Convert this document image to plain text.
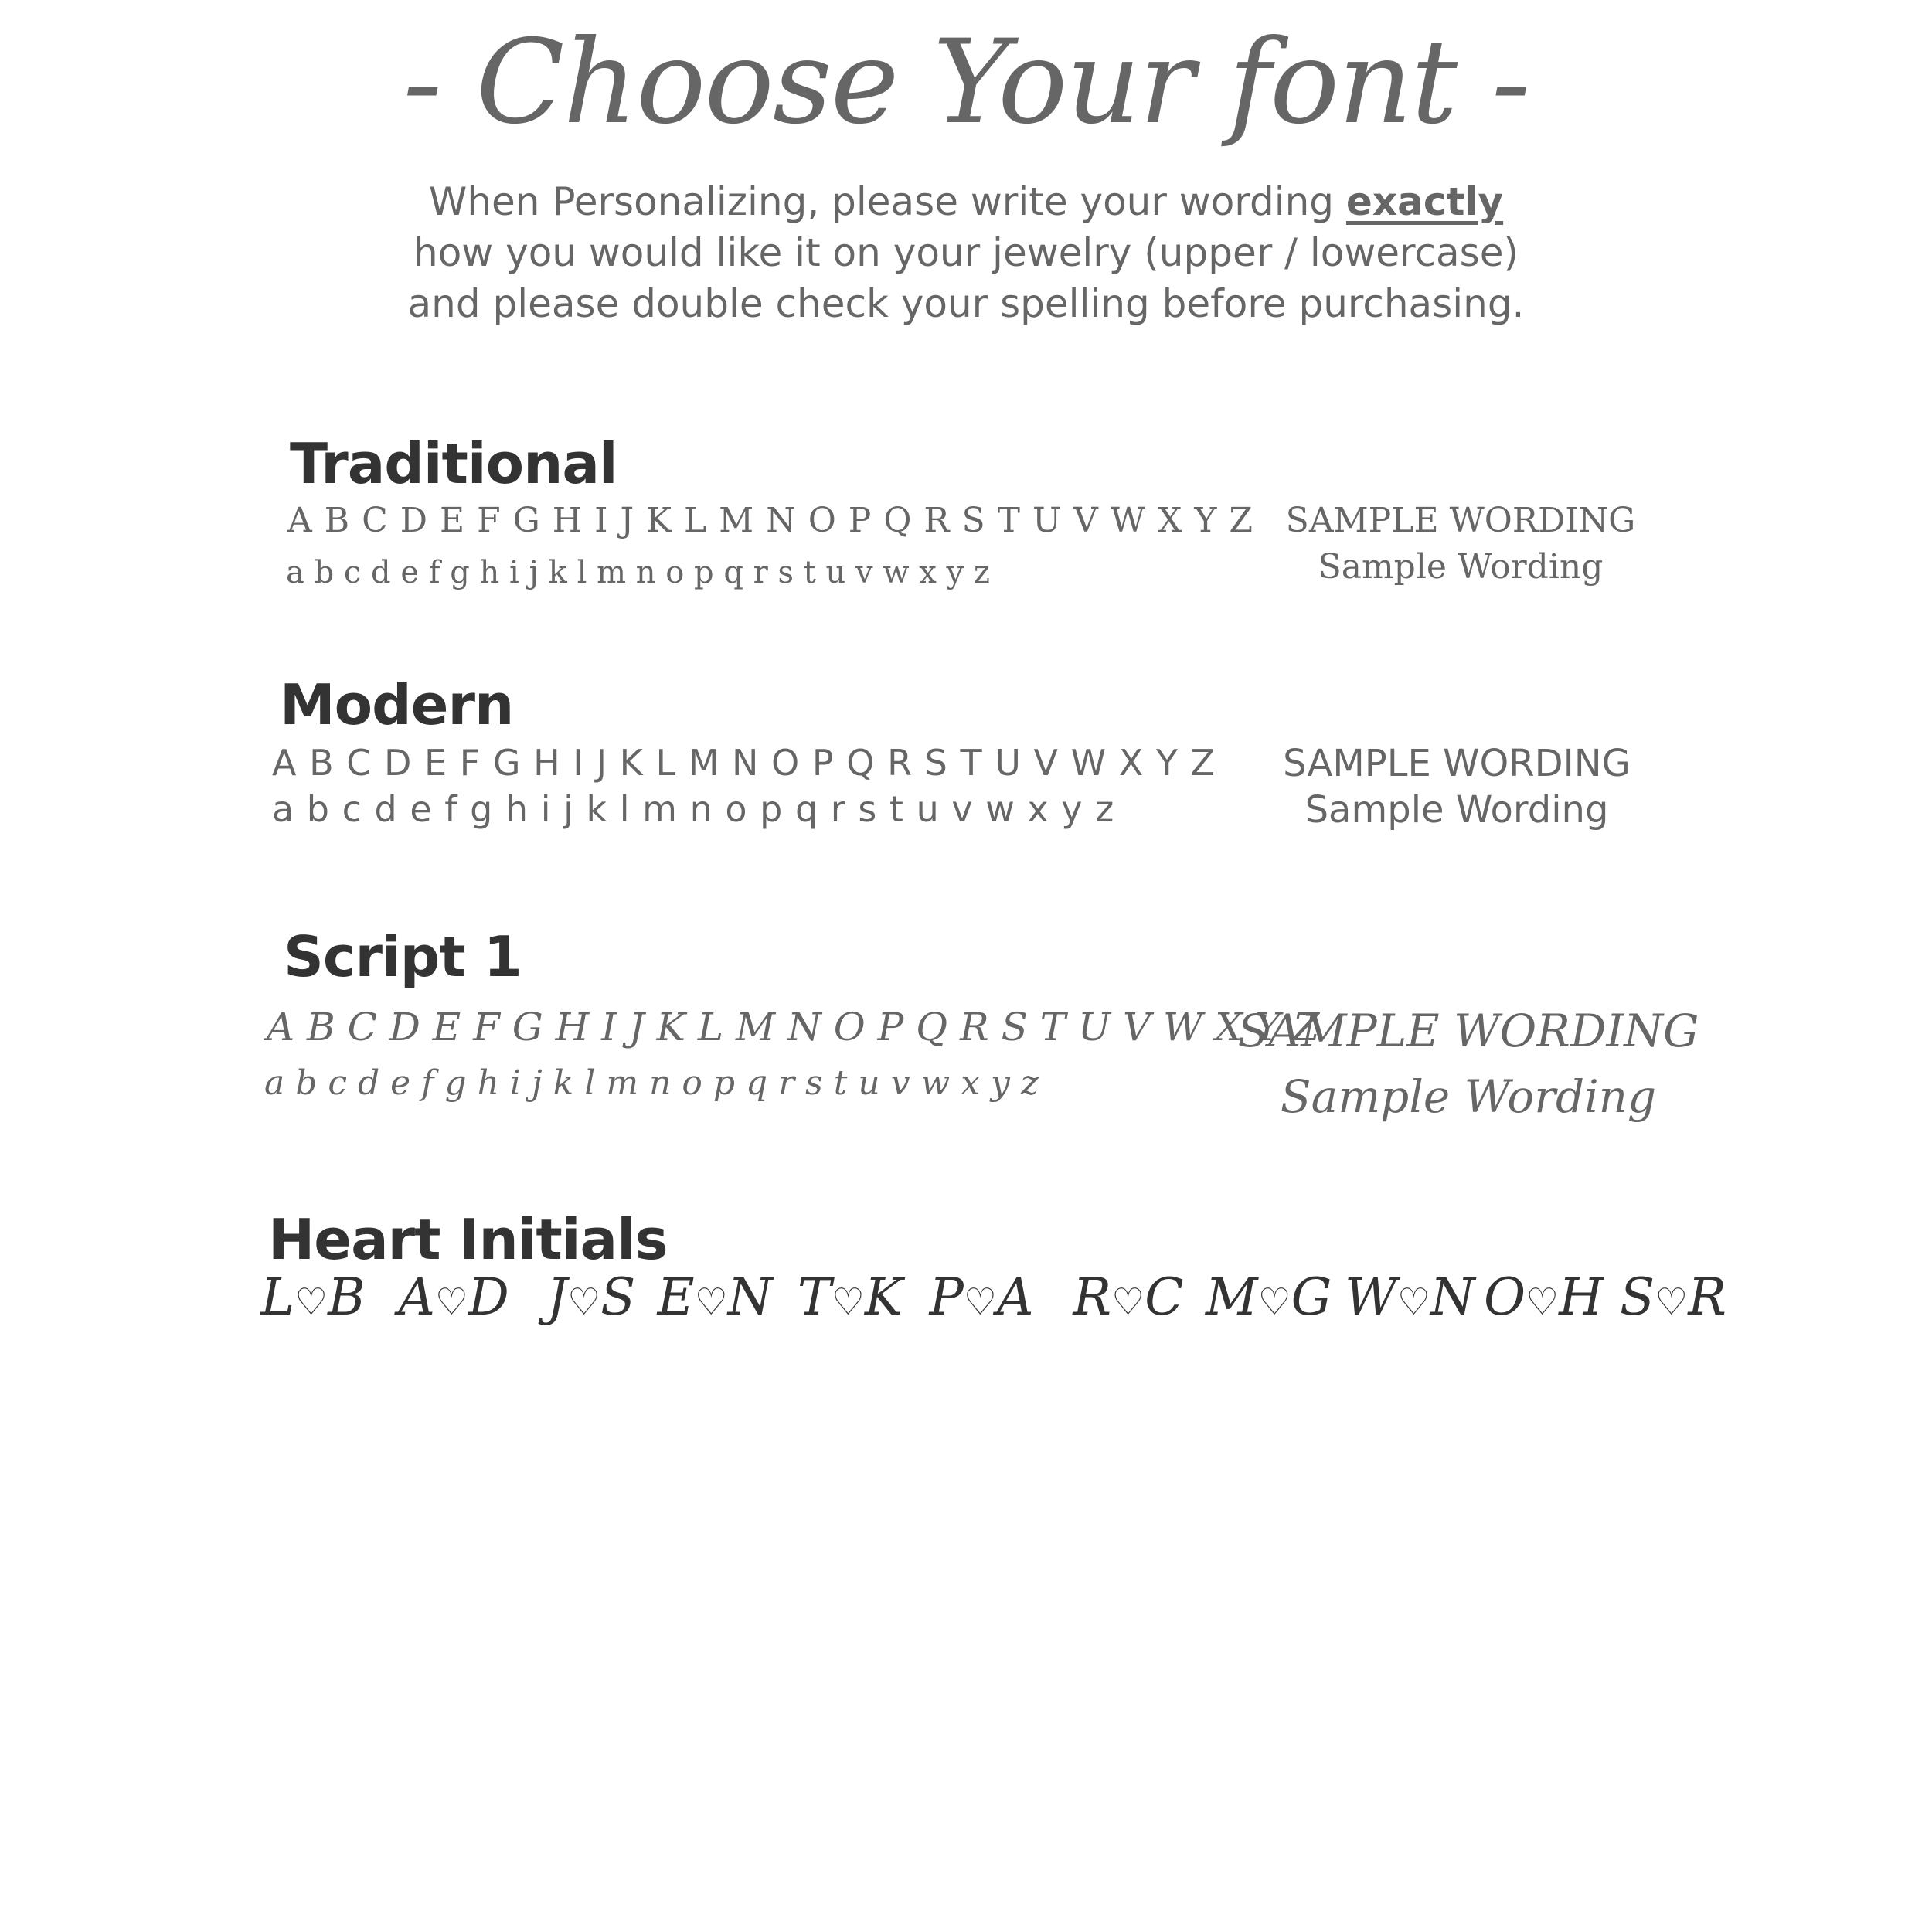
- Choose Your font -
When Personalizing, please write your wording exactly
how you would like it on your jewelry (upper / lowercase)
and please double check your spelling before purchasing.
Traditional
A B C D E F G H I J K L M N O P Q R S T U V W X Y Z
a b c d e f g h i j k l m n o p q r s t u v w x y z
SAMPLE WORDING
Sample Wording
Modern
A B C D E F G H I J K L M N O P Q R S T U V W X Y Z
a b c d e f g h i j k l m n o p q r s t u v w x y z
SAMPLE WORDING
Sample Wording
Script 1
A B C D E F G H I J K L M N O P Q R S T U V W X Y Z
a b c d e f g h i j k l m n o p q r s t u v w x y z
SAMPLE WORDING
Sample Wording
Heart Initials
L♡B A♡D J♡S E♡N T♡K P♡A R♡C M♡G W♡N O♡H S♡R
